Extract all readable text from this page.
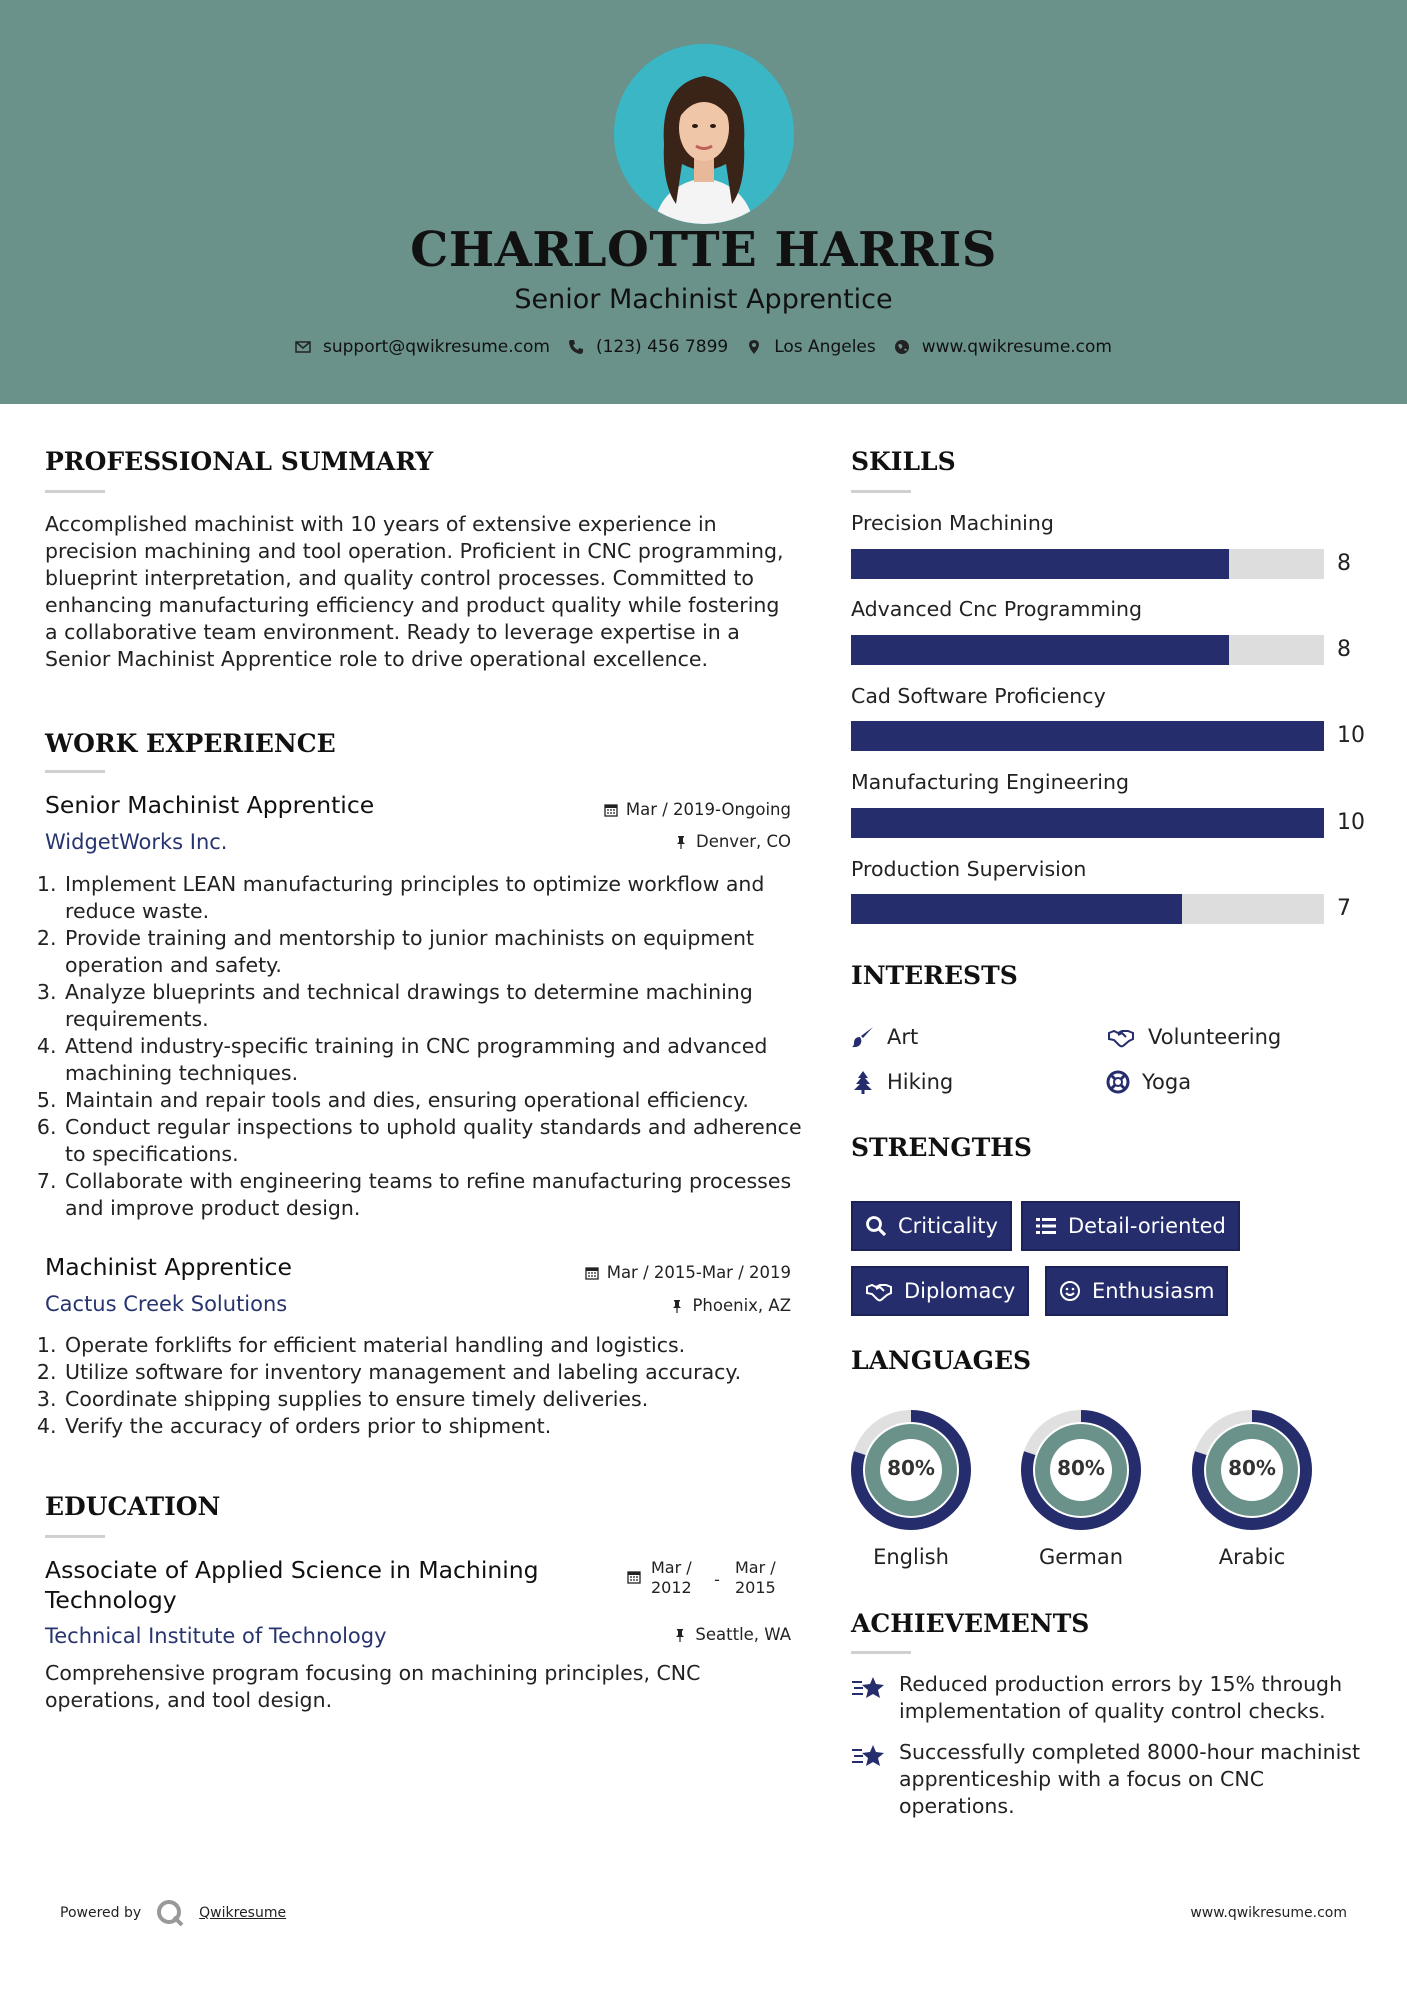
CHARLOTTE HARRIS
Senior Machinist Apprentice
support@qwikresume.com	(123) 456 7899	Los Angeles	www.qwikresume.com
PROFESSIONAL SUMMARY
Accomplished machinist with 10 years of extensive experience in precision machining and tool operation. Proficient in CNC programming, blueprint interpretation, and quality control processes. Committed to enhancing manufacturing efficiency and product quality while fostering a collaborative team environment. Ready to leverage expertise in a Senior Machinist Apprentice role to drive operational excellence.
WORK EXPERIENCE
Senior Machinist Apprentice	Mar / 2019-Ongoing
WidgetWorks Inc.	Denver, CO
1. Implement LEAN manufacturing principles to optimize workflow and reduce waste.
2. Provide training and mentorship to junior machinists on equipment operation and safety.
3. Analyze blueprints and technical drawings to determine machining requirements.
4. Attend industry-specific training in CNC programming and advanced machining techniques.
5. Maintain and repair tools and dies, ensuring operational efficiency.
6. Conduct regular inspections to uphold quality standards and adherence to specifications.
7. Collaborate with engineering teams to refine manufacturing processes and improve product design.
Machinist Apprentice	Mar / 2015-Mar / 2019
Cactus Creek Solutions	Phoenix, AZ
1. Operate forklifts for efficient material handling and logistics.
2. Utilize software for inventory management and labeling accuracy.
3. Coordinate shipping supplies to ensure timely deliveries.
4. Verify the accuracy of orders prior to shipment.
EDUCATION
Associate of Applied Science in Machining Technology
Mar / 2012	-
Mar / 2015
Technical Institute of Technology	Seattle, WA
Comprehensive program focusing on machining principles, CNC operations, and tool design.
SKILLS
Precision Machining
8
Advanced Cnc Programming
8
Cad Software Proficiency
10
Manufacturing Engineering
10
Production Supervision
7
INTERESTS
Art	Volunteering
Hiking	Yoga
STRENGTHS
Criticality	Detail-oriented
Diplomacy	Enthusiasm
LANGUAGES
80%
English
80%
German
80%
Arabic
ACHIEVEMENTS
Reduced production errors by 15% through implementation of quality control checks.
Successfully completed 8000-hour machinist apprenticeship with a focus on CNC operations.
Powered by	Qwikresume	www.qwikresume.com
